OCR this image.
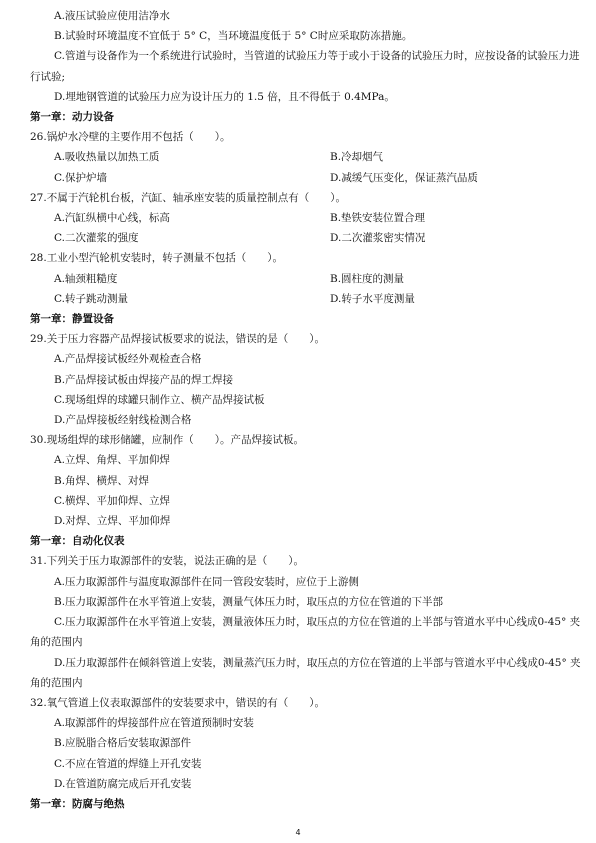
A.液压试验应使用洁净水
B.试验时环境温度不宜低于 5° C，当环境温度低于 5° C时应采取防冻措施。
C.管道与设备作为一个系统进行试验时，当管道的试验压力等于或小于设备的试验压力时，应按设备的试验压力进行试验;
D.埋地钢管道的试验压力应为设计压力的 1.5 倍，且不得低于 0.4MPa。
第一章：动力设备
26.锅炉水冷壁的主要作用不包括（　　）。
A.吸收热量以加热工质	B.冷却烟气
C.保护炉墙	D.减缓气压变化，保证蒸汽品质
27.不属于汽轮机台板，汽缸、轴承座安装的质量控制点有（　　）。
A.汽缸纵横中心线，标高	B.垫铁安装位置合理
C.二次灌浆的强度	D.二次灌浆密实情况
28.工业小型汽轮机安装时，转子测量不包括（　　）。
A.轴颈粗糙度	B.圆柱度的测量
C.转子跳动测量	D.转子水平度测量
第一章：静置设备
29.关于压力容器产品焊接试板要求的说法，错误的是（　　）。
A.产品焊接试板经外观检查合格
B.产品焊接试板由焊接产品的焊工焊接
C.现场组焊的球罐只制作立、横产品焊接试板
D.产品焊接板经射线检测合格
30.现场组焊的球形储罐，应制作（　　）。产品焊接试板。
A.立焊、角焊、平加仰焊
B.角焊、横焊、对焊
C.横焊、平加仰焊、立焊
D.对焊、立焊、平加仰焊
第一章：自动化仪表
31.下列关于压力取源部件的安装，说法正确的是（　　）。
A.压力取源部件与温度取源部件在同一管段安装时，应位于上游侧
B.压力取源部件在水平管道上安装，测量气体压力时，取压点的方位在管道的下半部
C.压力取源部件在水平管道上安装，测量液体压力时，取压点的方位在管道的上半部与管道水平中心线成0-45° 夹角的范围内
D.压力取源部件在倾斜管道上安装，测量蒸汽压力时，取压点的方位在管道的上半部与管道水平中心线成0-45° 夹角的范围内
32.氧气管道上仪表取源部件的安装要求中，错误的有（　　）。
A.取源部件的焊接部件应在管道预制时安装
B.应脱脂合格后安装取源部件
C.不应在管道的焊缝上开孔安装
D.在管道防腐完成后开孔安装
第一章：防腐与绝热
4
